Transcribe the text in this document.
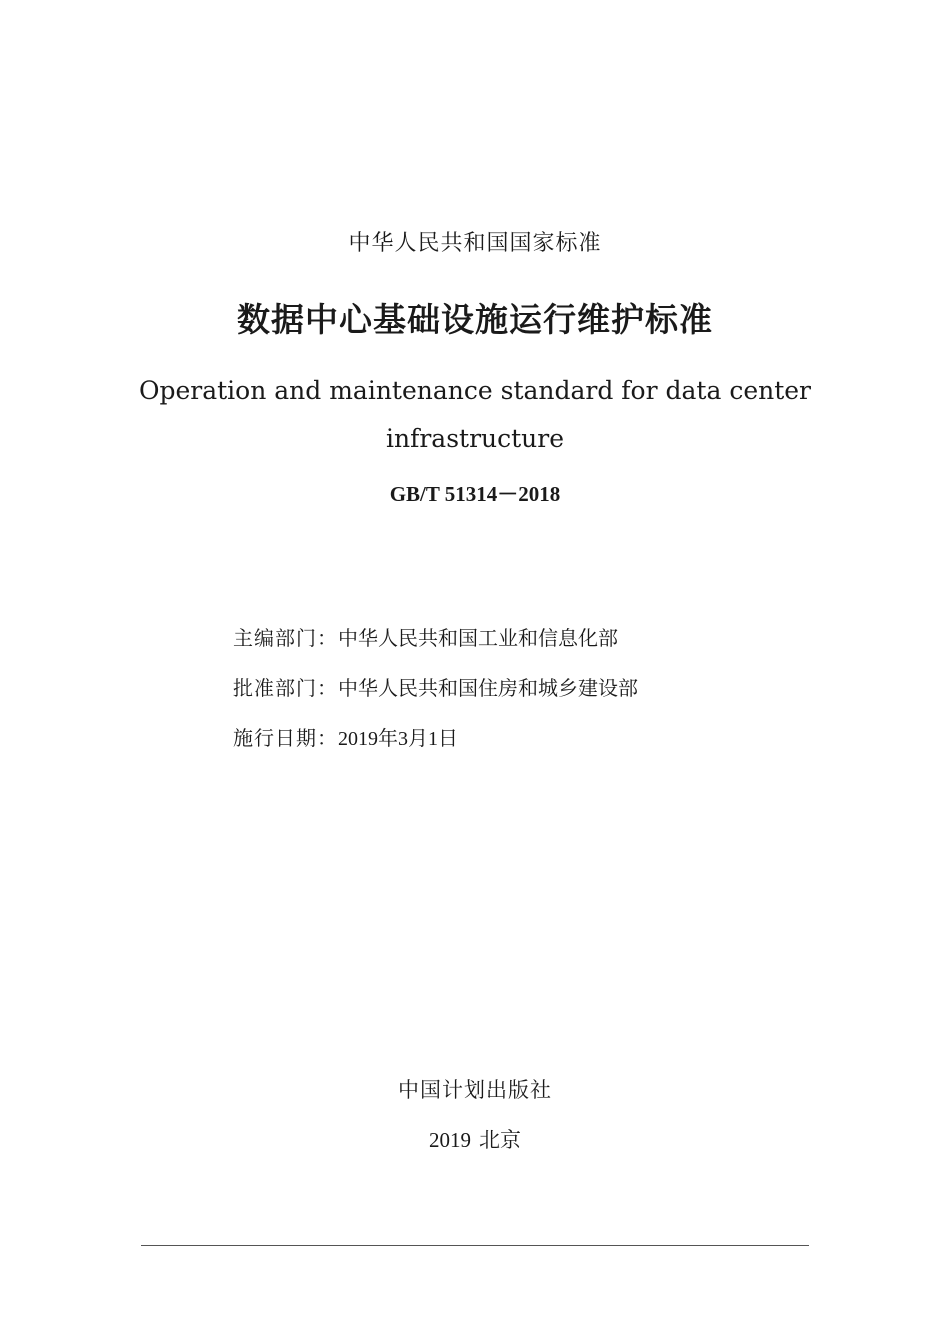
中华人民共和国国家标准
数据中心基础设施运行维护标准
Operation and maintenance standard for data center
infrastructure
GB/T 51314－2018
主编部门：中华人民共和国工业和信息化部
批准部门：中华人民共和国住房和城乡建设部
施行日期：2019年3月1日
中国计划出版社
2019 北京
